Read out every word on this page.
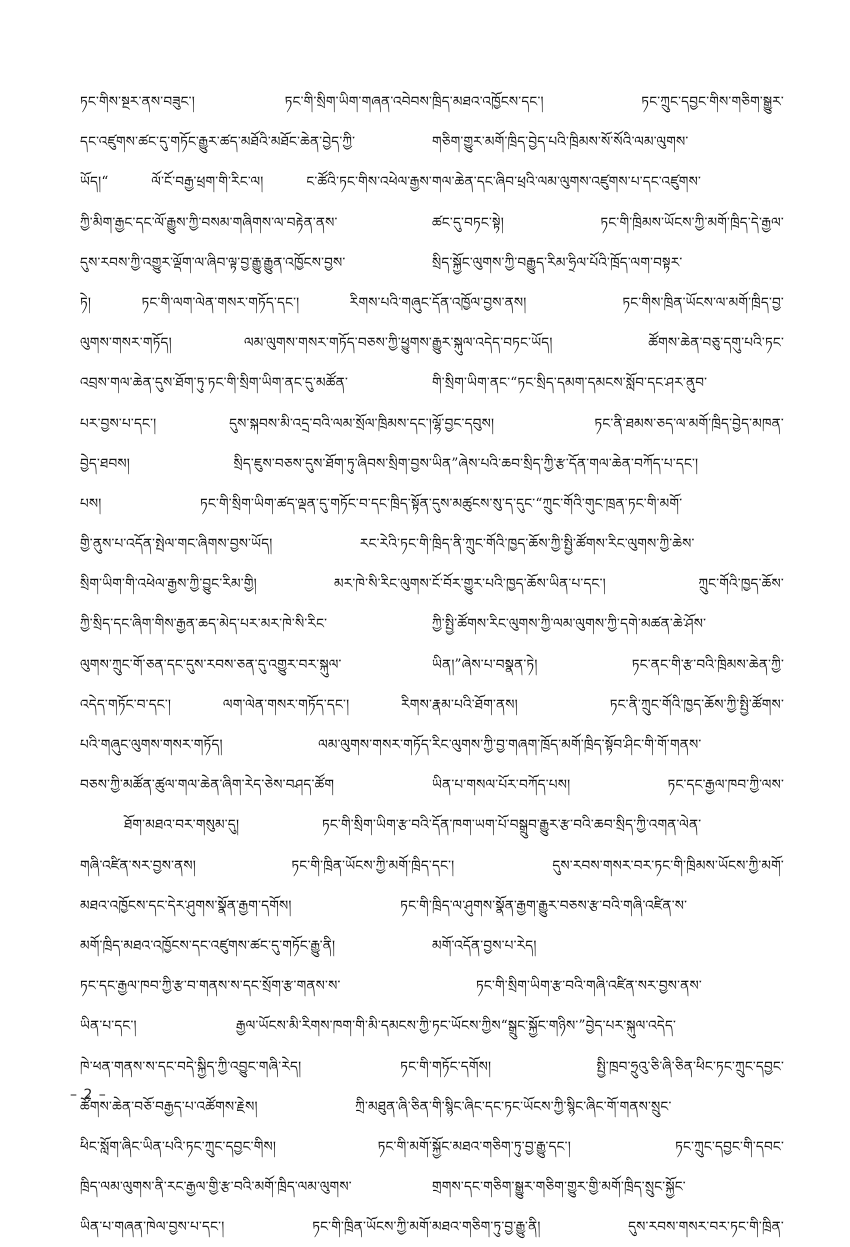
ཏང་གིས་སྔར་ནས་བཟུང་། ཏང་གི་སྲིག་ཡིག་གཞན་འབེབས་
དང་འཛུགས་ཚང་དུ་གཏོང་རྒྱུར་ཚད་མཐོའི་མཐོང་ཆེན་བྱེད་ཀྱི་
ཡོད།“ ལོ་ངོ་བརྒྱ་ཕྲག་གི་རིང་ལ། ང་ཚོའི་ཏང་གིས་འཕེལ་རྒྱས་
ཀྱི་མིག་རྒྱང་དང་ལོ་རྒྱུས་ཀྱི་བསམ་གཞིགས་ལ་བརྟེན་ནས་
དུས་རབས་ཀྱི་འགྱུར་ལྡོག་ལ་ཞིབ་ལྟ་བྱ་རྒྱུ་རྒྱུན་འཁྱོངས་བྱས་
ཏེ། ཏང་གི་ལག་ལེན་གསར་གཏོད་དང་། རིགས་པའི་གཞུང་
ལུགས་གསར་གཏོད། ལམ་ལུགས་གསར་གཏོད་བཅས་ཀྱི་ཕྱུགས་
འབྲས་གལ་ཆེན་དུས་ཐོག་ཏུ་ཏང་གི་སྲིག་ཡིག་ནང་དུ་མཚོན་
པར་བྱས་པ་དང་། དུས་སྐབས་མི་འདྲ་བའི་ལམ་སྲོལ་ཁྲིམས་དང་།
བྱེད་ཐབས། སྲིད་ཇུས་བཅས་དུས་ཐོག་ཏུ་ཞིབས་སྲིག་བྱས་
པས། ཏང་གི་སྲིག་ཡིག་ཚད་ལྡན་དུ་གཏོང་བ་དང་ཁྲིད་སྟོན་
གྱི་ནུས་པ་འདོན་སྤེལ་གང་ཞིགས་བྱས་ཡོད། རང་རེའི་ཏང་གི་
སྲིག་ཡིག་གི་འཕེལ་རྒྱས་ཀྱི་བྱུང་རིམ་གྱི། མར་ཁེ་སི་རིང་ལུགས་
ཀྱི་སྲིད་དང་ཞིག་གིས་རྒྱན་ཆད་མེད་པར་མར་ཁེ་སི་རིང་
ལུགས་ཀྲུང་གོ་ཅན་དང་དུས་རབས་ཅན་དུ་འགྱུར་བར་སྐུལ་
འདེད་གཏོང་བ་དང་། ལག་ལེན་གསར་གཏོད་དང་། རིགས་
པའི་གཞུང་ལུགས་གསར་གཏོད། ལམ་ལུགས་གསར་གཏོད་
བཅས་ཀྱི་མཚོན་ཚུལ་གལ་ཆེན་ཞིག་རེད་ཅེས་བཤད་ཚོག
ཐོག་མཐའ་བར་གསུམ་དུ། ཏང་གི་སྲིག་ཡིག་རྩ་བའི་
གཞི་འཛིན་སར་བྱས་ནས། ཏང་གི་ཁྲིན་ཡོངས་ཀྱི་མགོ་ཁྲིད་
མཐའ་འཁྱོངས་དང་དེར་ཤུགས་སྣོན་རྒྱག་དགོས། ཏང་གི་
མགོ་ཁྲིད་མཐའ་འཁྱོངས་དང་འཛུགས་ཚང་དུ་གཏོང་རྒྱུ་ནི།
ཏང་དང་རྒྱལ་ཁབ་ཀྱི་རྩ་བ་གནས་ས་དང་སྲོག་རྩ་གནས་ས་
ཡིན་པ་དང་། རྒྱལ་ཡོངས་མི་རིགས་ཁག་གི་མི་དམངས་ཀྱི་
ཁེ་ཕན་གནས་ས་དང་བདེ་སྐྱིད་ཀྱི་འབྱུང་གཞི་རེད། ཏང་གི་
ཚོགས་ཆེན་བཅོ་བརྒྱད་པ་འཚོགས་རྗེས། ཀྲི་མཐུན་ཞི་ཅིན་
ཕིང་སློག་ཞིང་ཡིན་པའི་ཏང་ཀྲུང་དབྱང་གིས། ཏང་གི་མགོ་
ཁྲིད་ལམ་ལུགས་ནི་རང་རྒྱལ་གྱི་རྩ་བའི་མགོ་ཁྲིད་ལམ་ལུགས་
ཡིན་པ་གཞན་ཁེལ་བྱས་པ་དང་། ཏང་གི་ཁྲིན་ཡོངས་ཀྱི་མགོ་
ཁྲིད་མཐའ་འཁྱོངས་དང་། ཏང་ཀྲུང་དབྱང་གིས་གཅིག་སྒྱུར་
གཅིག་གྱུར་མགོ་ཁྲིད་བྱེད་པའི་ཁྲིམས་སོ་སོའི་ལམ་ལུགས་
གལ་ཆེན་དང་ཞིབ་ཕྲའི་ལམ་ལུགས་འཛུགས་པ་དང་འཛུགས་
ཚང་དུ་བཏང་སྟེ། ཏང་གི་ཁྲིམས་ཡོངས་ཀྱི་མགོ་ཁྲིད་དེ་རྒྱལ་
སྲིད་སྐྱོང་ལུགས་ཀྱི་བརྒྱུད་རིམ་ཧྲིལ་པོའི་ཁྲོད་ལག་བསྟར་
དོན་འཁྱོལ་བྱས་ནས། ཏང་གིས་ཁྲིན་ཡོངས་ལ་མགོ་ཁྲིད་བྱ་
རྒྱུར་སྐུལ་འདེད་བཏང་ཡོད། ཚོགས་ཆེན་བཅུ་དགུ་པའི་ཏང་
གི་སྲིག་ཡིག་ནང་“ཏང་སྲིད་དམག་དམངས་སློབ་དང་ཤར་ནུབ་
ལྷོ་བྱང་དབུས། ཏང་ནི་ཐམས་ཅད་ལ་མགོ་ཁྲིད་བྱེད་མཁན་
ཡིན”ཞེས་པའི་ཆབ་སྲིད་ཀྱི་རྩ་དོན་གལ་ཆེན་བཀོད་པ་དང་།
དུས་མཚུངས་སུ་ད་དུང་“ཀྲུང་གོའི་གུང་ཁྲན་ཏང་གི་མགོ་
ཁྲིད་ནི་ཀྲུང་གོའི་ཁྱད་ཆོས་ཀྱི་སྤྱི་ཚོགས་རིང་ལུགས་ཀྱི་ཆེས་
ངོ་བོར་གྱུར་པའི་ཁྱད་ཆོས་ཡིན་པ་དང་། ཀྲུང་གོའི་ཁྱད་ཆོས་
ཀྱི་སྤྱི་ཚོགས་རིང་ལུགས་ཀྱི་ལམ་ལུགས་ཀྱི་དགེ་མཚན་ཆེ་ཤོས་
ཡིན།”ཞེས་པ་བསྣན་ཏེ། ཏང་ནང་གི་རྩ་བའི་ཁྲིམས་ཆེན་ཀྱི་
རྣམ་པའི་ཐོག་ནས། ཏང་ནི་ཀྲུང་གོའི་ཁྱད་ཆོས་ཀྱི་སྤྱི་ཚོགས་
རིང་ལུགས་ཀྱི་བྱ་གཞག་ཁྲོད་མགོ་ཁྲིད་སྟོབ་ཤིང་གི་གོ་གནས་
ཡིན་པ་གསལ་པོར་བཀོད་པས། ཏང་དང་རྒྱལ་ཁབ་ཀྱི་ལས་
དོན་ཁག་ཡག་པོ་བསྒྲུབ་རྒྱུར་རྩ་བའི་ཆབ་སྲིད་ཀྱི་འགན་ལེན་
དང་། དུས་རབས་གསར་བར་ཏང་གི་ཁྲིམས་ཡོངས་ཀྱི་མགོ་
ཁྲིད་ལ་ཤུགས་སྣོན་རྒྱག་རྒྱུར་བཅས་རྩ་བའི་གཞི་འཛིན་ས་
མགོ་འདོན་བྱས་པ་རེད།
ཏང་གི་སྲིག་ཡིག་རྩ་བའི་གཞི་འཛིན་སར་བྱས་ནས་
ཏང་ཡོངས་ཀྱིས“སྒྲུང་སྐྱོང་གཉིས་”བྱེད་པར་སྐུལ་འདེད་
གཏོང་དགོས། སྤྱི་ཁྲབ་ཧྲུའུ་ཅི་ཞི་ཅིན་ཕིང་ཏང་ཀྲུང་དབྱང་
གི་སྙིང་ཞིང་དང་ཏང་ཡོངས་ཀྱི་སྙིང་ཞིང་གོ་གནས་སྲུང་
སྐྱོང་མཐའ་གཅིག་ཏུ་བྱ་རྒྱུ་དང་། ཏང་ཀྲུང་དབྱང་གི་དབང་
གྲགས་དང་གཅིག་སྒྱུར་གཅིག་གྱུར་གྱི་མགོ་ཁྲིད་སྲུང་སྐྱོང་
མཐའ་གཅིག་ཏུ་བྱ་རྒྱུ་ནི། དུས་རབས་གསར་བར་ཏང་གི་ཁྲིན་
– 2 –
